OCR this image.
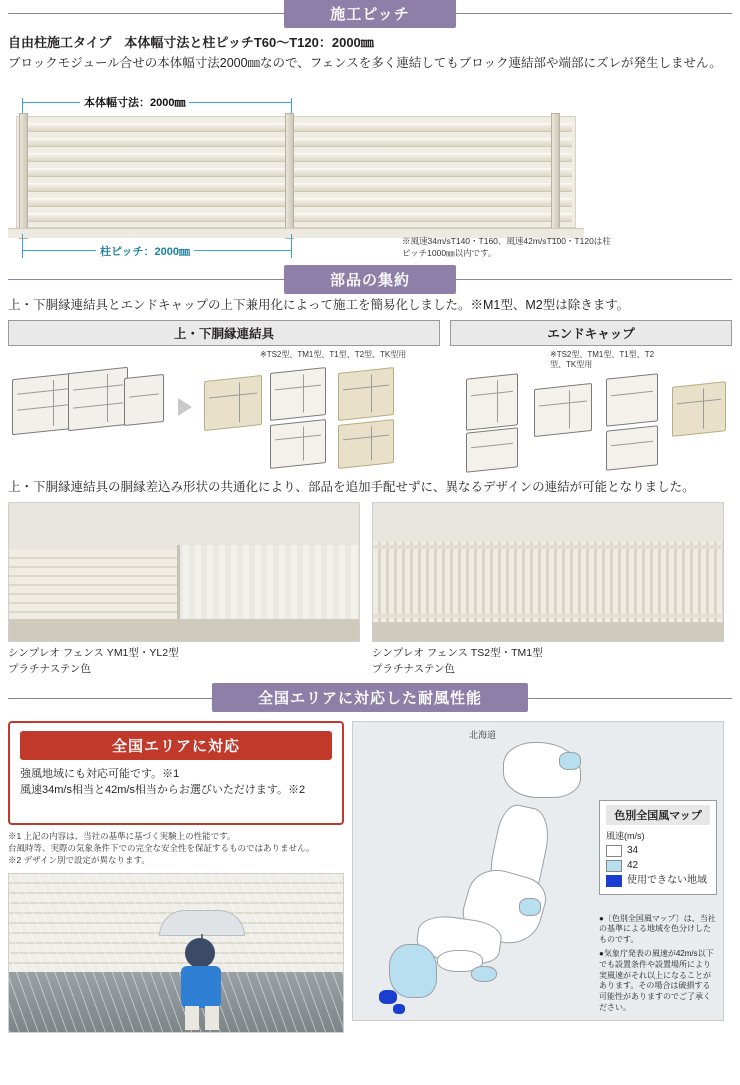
施工ピッチ
自由柱施工タイプ　本体幅寸法と柱ピッチT60〜T120：2000㎜
ブロックモジュール合せの本体幅寸法2000㎜なので、フェンスを多く連結してもブロック連結部や端部にズレが発生しません。
本体幅寸法：2000㎜
柱ピッチ：2000㎜
※風速34m/sT140・T160、風速42m/sT100・T120は柱ピッチ1000㎜以内です。
部品の集約
上・下胴縁連結具とエンドキャップの上下兼用化によって施工を簡易化しました。※M1型、M2型は除きます。
上・下胴縁連結具
※TS2型、TM1型、T1型、T2型、TK型用
エンドキャップ
※TS2型、TM1型、T1型、T2型、TK型用
上・下胴縁連結具の胴縁差込み形状の共通化により、部品を追加手配せずに、異なるデザインの連結が可能となりました。
シンプレオ フェンス YM1型・YL2型
プラチナステン色
シンプレオ フェンス TS2型・TM1型
プラチナステン色
全国エリアに対応した耐風性能
全国エリアに対応
強風地域にも対応可能です。※1
風速34m/s相当と42m/s相当からお選びいただけます。※2
※1 上記の内容は、当社の基準に基づく実験上の性能です。
台風時等、実際の気象条件下での完全な安全性を保証するものではありません。
※2 デザイン別で設定が異なります。
北海道
色別全国風マップ
風速(m/s)
34
42
使用できない地域
●〔色別全国風マップ〕は、当社の基準による地域を色分けしたものです。
●気象庁発表の風速が42m/s以下でも設置条件や設置場所により実風速がそれ以上になることがあります。その場合は破損する可能性がありますのでご了承ください。
